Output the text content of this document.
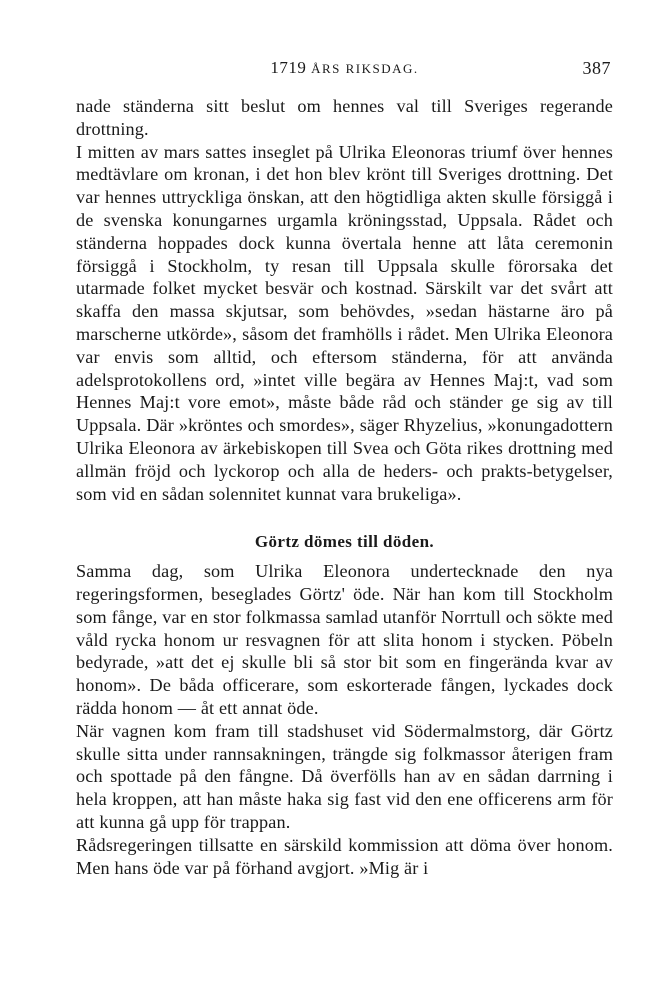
1719 ÅRS RIKSDAG.	387

nade ständerna sitt beslut om hennes val till Sveriges regerande drottning.

I mitten av mars sattes inseglet på Ulrika Eleonoras triumf över hennes medtävlare om kronan, i det hon blev krönt till Sveriges drottning. Det var hennes uttryckliga önskan, att den högtidliga akten skulle försiggå i de svenska konungarnes urgamla kröningsstad, Uppsala. Rådet och ständerna hoppades dock kunna övertala henne att låta ceremonin försiggå i Stockholm, ty resan till Uppsala skulle förorsaka det utarmade folket mycket besvär och kostnad. Särskilt var det svårt att skaffa den massa skjutsar, som behövdes, »sedan hästarne äro på marscherne utkörde», såsom det framhölls i rådet. Men Ulrika Eleonora var envis som alltid, och eftersom ständerna, för att använda adelsprotokollens ord, »intet ville begära av Hennes Maj:t, vad som Hennes Maj:t vore emot», måste både råd och ständer ge sig av till Uppsala. Där »kröntes och smordes», säger Rhyzelius, »konungadottern Ulrika Eleonora av ärkebiskopen till Svea och Göta rikes drottning med allmän fröjd och lyckorop och alla de heders- och prakts-betygelser, som vid en sådan solennitet kunnat vara brukeliga».

Görtz dömes till döden.

Samma dag, som Ulrika Eleonora undertecknade den nya regeringsformen, beseglades Görtz' öde. När han kom till Stockholm som fånge, var en stor folkmassa samlad utanför Norrtull och sökte med våld rycka honom ur resvagnen för att slita honom i stycken. Pöbeln bedyrade, »att det ej skulle bli så stor bit som en fingerända kvar av honom». De båda officerare, som eskorterade fången, lyckades dock rädda honom — åt ett annat öde.

När vagnen kom fram till stadshuset vid Södermalmstorg, där Görtz skulle sitta under rannsakningen, trängde sig folkmassor återigen fram och spottade på den fångne. Då överfölls han av en sådan darrning i hela kroppen, att han måste haka sig fast vid den ene officerens arm för att kunna gå upp för trappan.

Rådsregeringen tillsatte en särskild kommission att döma över honom. Men hans öde var på förhand avgjort. »Mig är i
